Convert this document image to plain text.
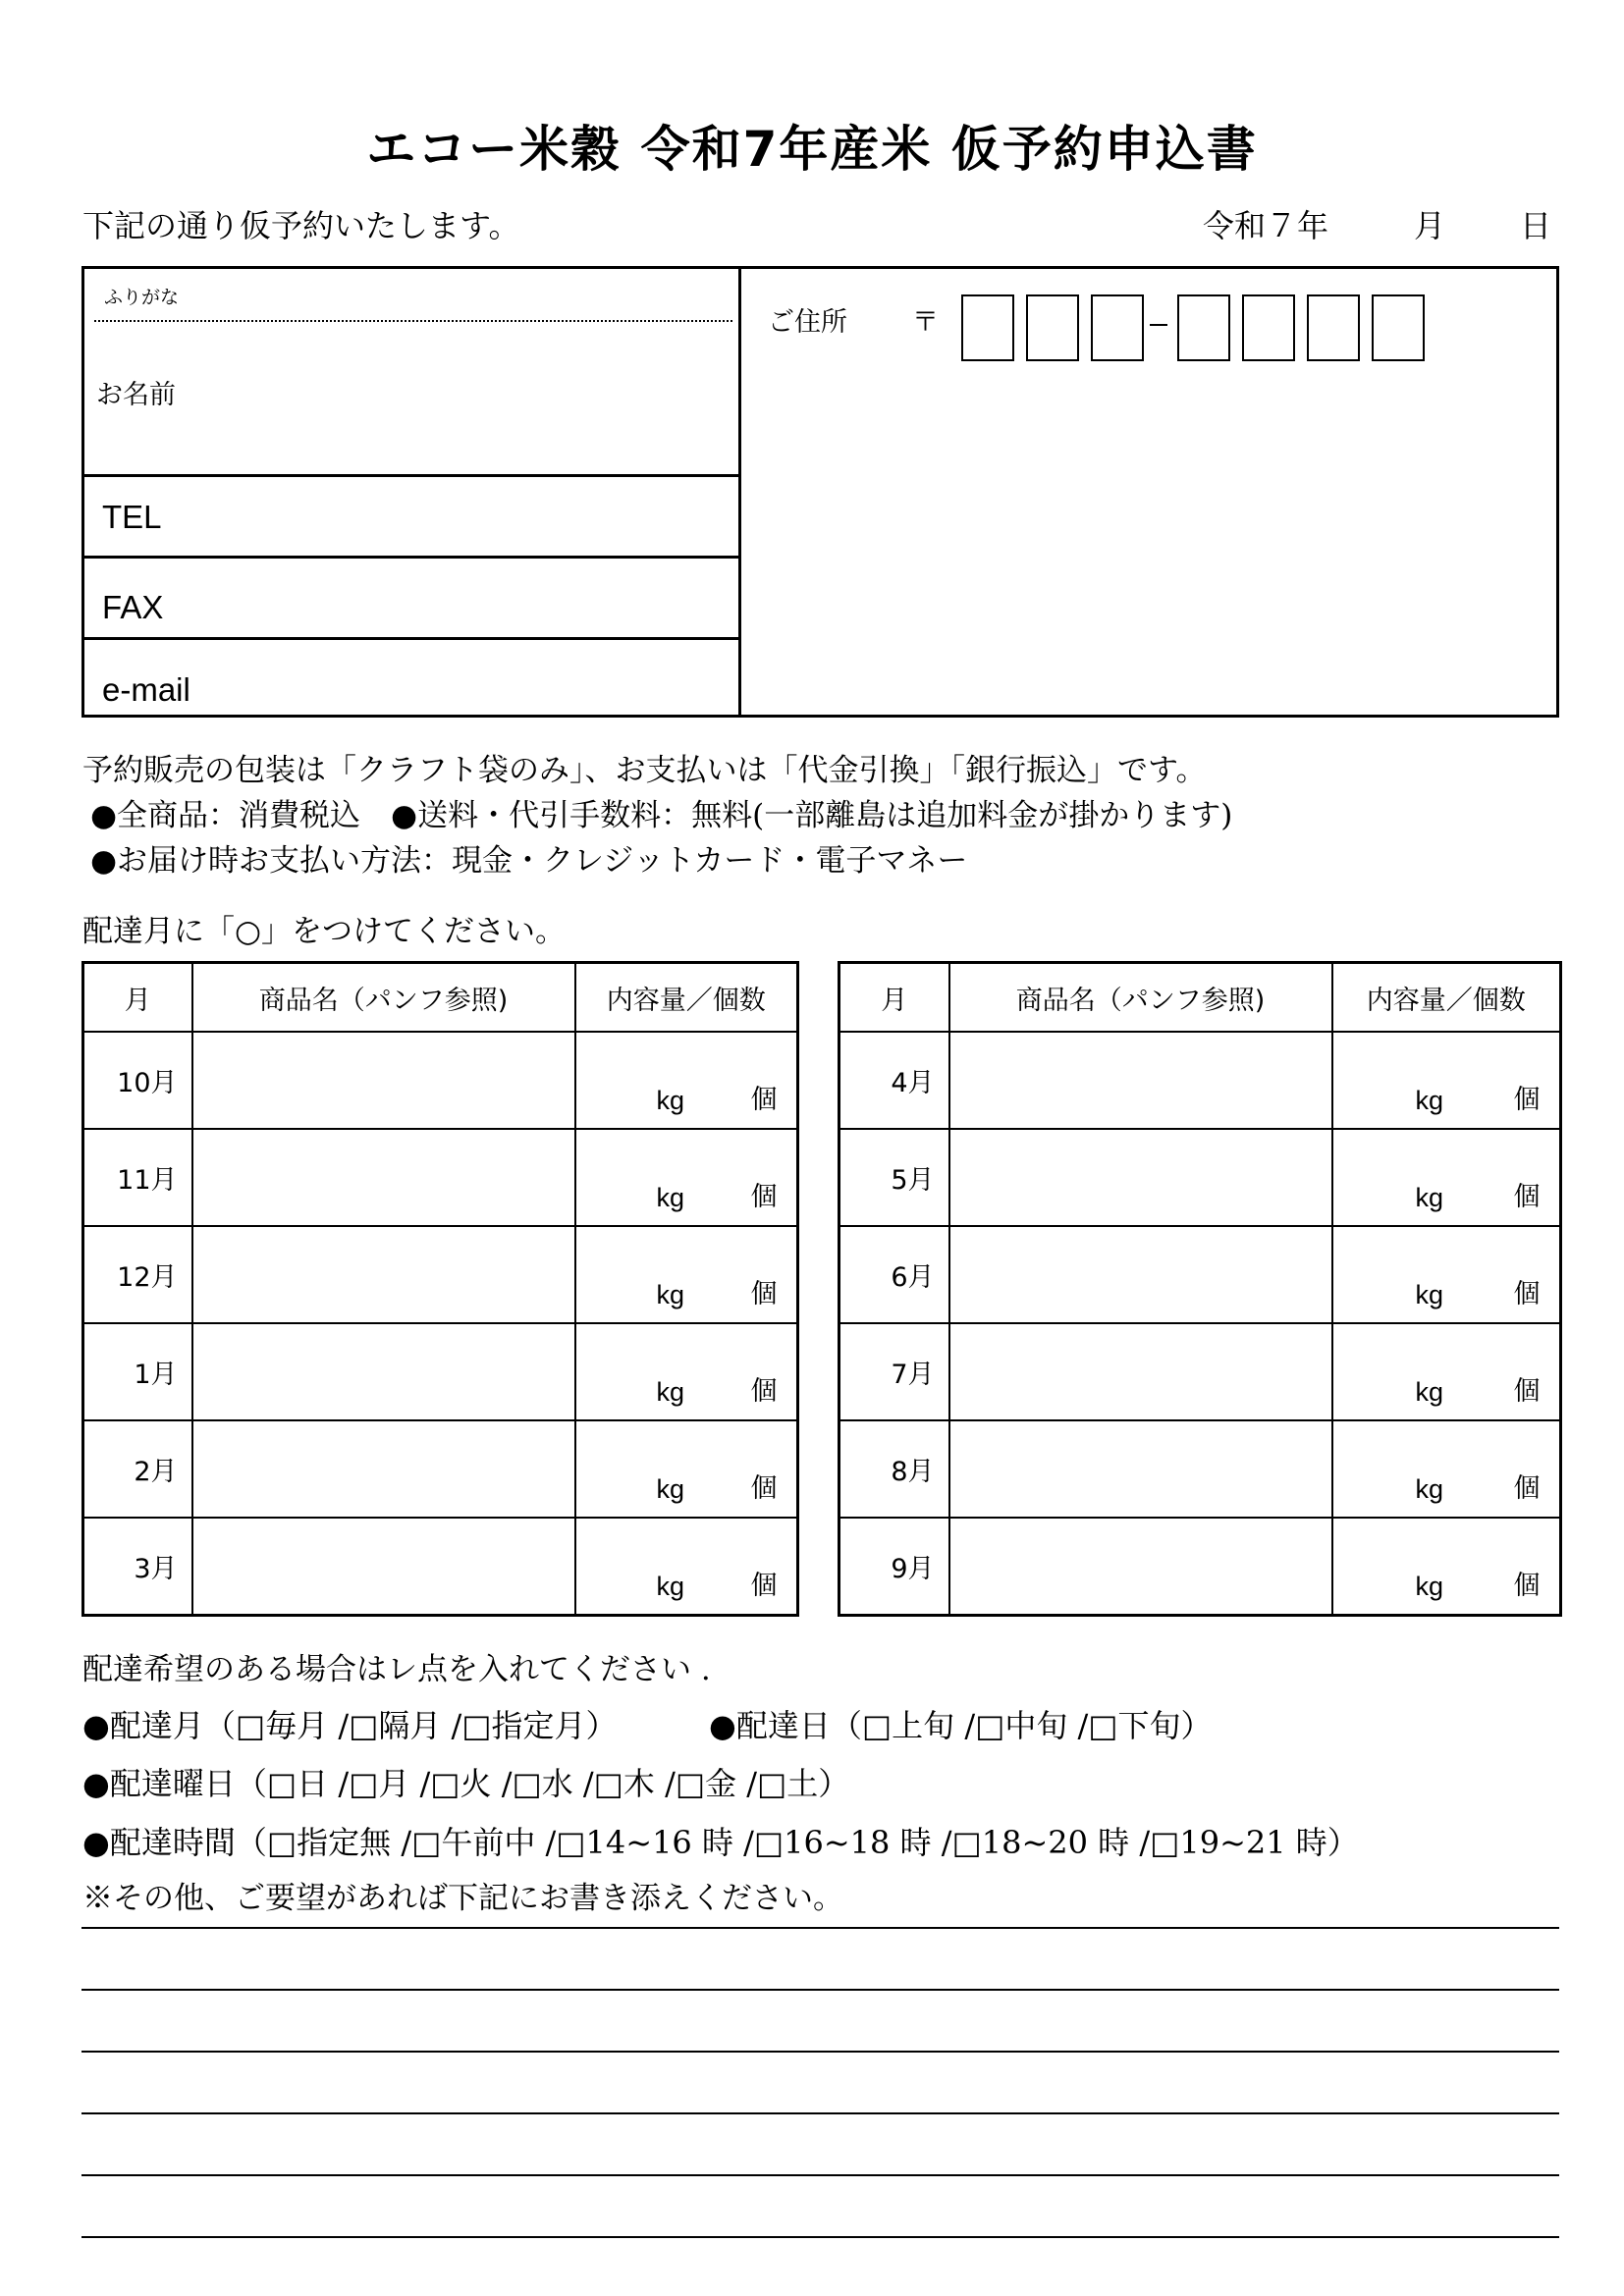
エコー米穀 令和7年産米 仮予約申込書
下記の通り仮予約いたします。	令和７年	月 日
ふりがな
お名前
TEL
FAX
e-mail
ご住所 〒
予約販売の包装は「クラフト袋のみ」、お支払いは「代金引換」「銀行振込」です。
●全商品：消費税込　●送料・代引手数料：無料(一部離島は追加料金が掛かります)
●お届け時お支払い方法：現金・クレジットカード・電子マネー
配達月に「○」をつけてください。
月	商品名（パンフ参照)	内容量／個数
10月		kg 個

11月		kg 個

12月		kg 個

1月		kg 個

2月		kg 個

3月		kg 個
月	商品名（パンフ参照)	内容量／個数
4月		kg 個

5月		kg 個

6月		kg 個

7月		kg 個

8月		kg 個

9月		kg 個
配達希望のある場合はレ点を入れてください .
●配達月（□毎月 /□隔月 /□指定月）	●配達日（□上旬 /□中旬 /□下旬）
●配達曜日（□日 /□月 /□火 /□水 /□木 /□金 /□土）
●配達時間（□指定無 /□午前中 /□14~16 時 /□16~18 時 /□18~20 時 /□19~21 時）
※その他、ご要望があれば下記にお書き添えください。
